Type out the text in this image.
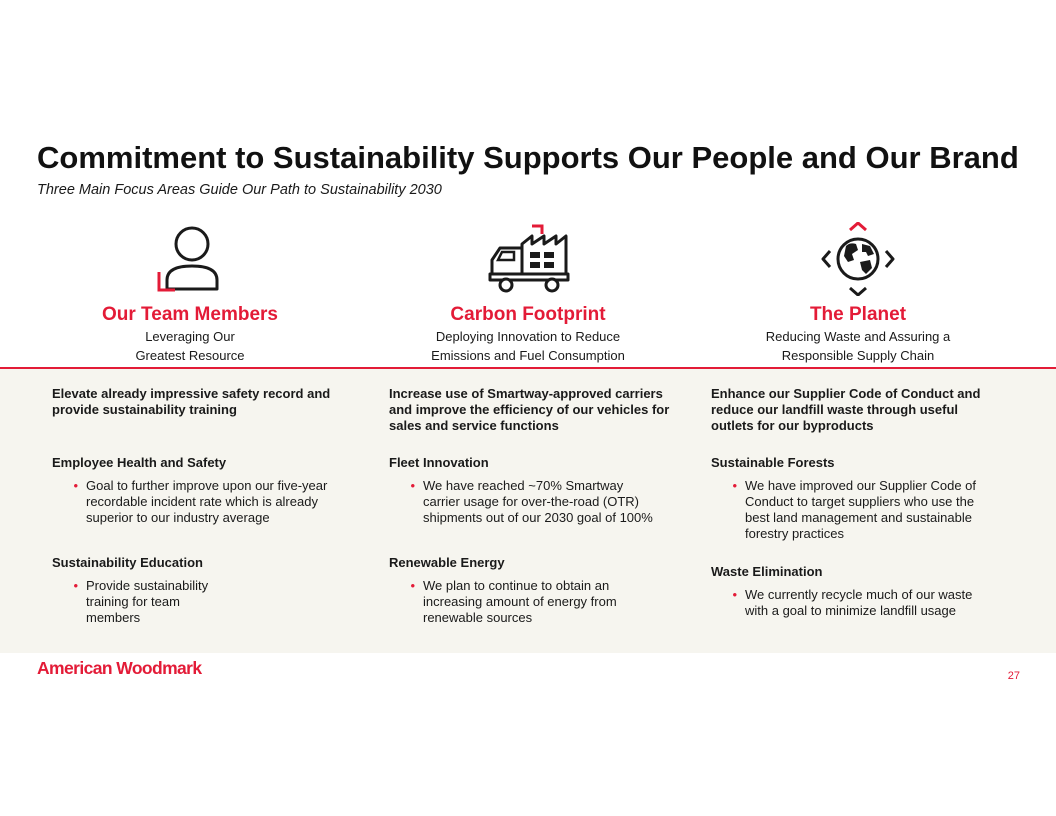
Commitment to Sustainability Supports Our People and Our Brand
Three Main Focus Areas Guide Our Path to Sustainability 2030
Our Team Members
Leveraging Our
Greatest Resource
Carbon Footprint
Deploying Innovation to Reduce
Emissions and Fuel Consumption
The Planet
Reducing Waste and Assuring a
Responsible Supply Chain
Elevate already impressive safety record and provide sustainability training
Employee Health and Safety
• Goal to further improve upon our five-year recordable incident rate which is already superior to our industry average
Sustainability Education
• Provide sustainability training for team members
Increase use of Smartway-approved carriers and improve the efficiency of our vehicles for sales and service functions
Fleet Innovation
• We have reached ~70% Smartway carrier usage for over-the-road (OTR) shipments out of our 2030 goal of 100%
Renewable Energy
• We plan to continue to obtain an increasing amount of energy from renewable sources
Enhance our Supplier Code of Conduct and reduce our landfill waste through useful outlets for our byproducts
Sustainable Forests
• We have improved our Supplier Code of Conduct to target suppliers who use the best land management and sustainable forestry practices
Waste Elimination
• We currently recycle much of our waste with a goal to minimize landfill usage
American Woodmark	27
